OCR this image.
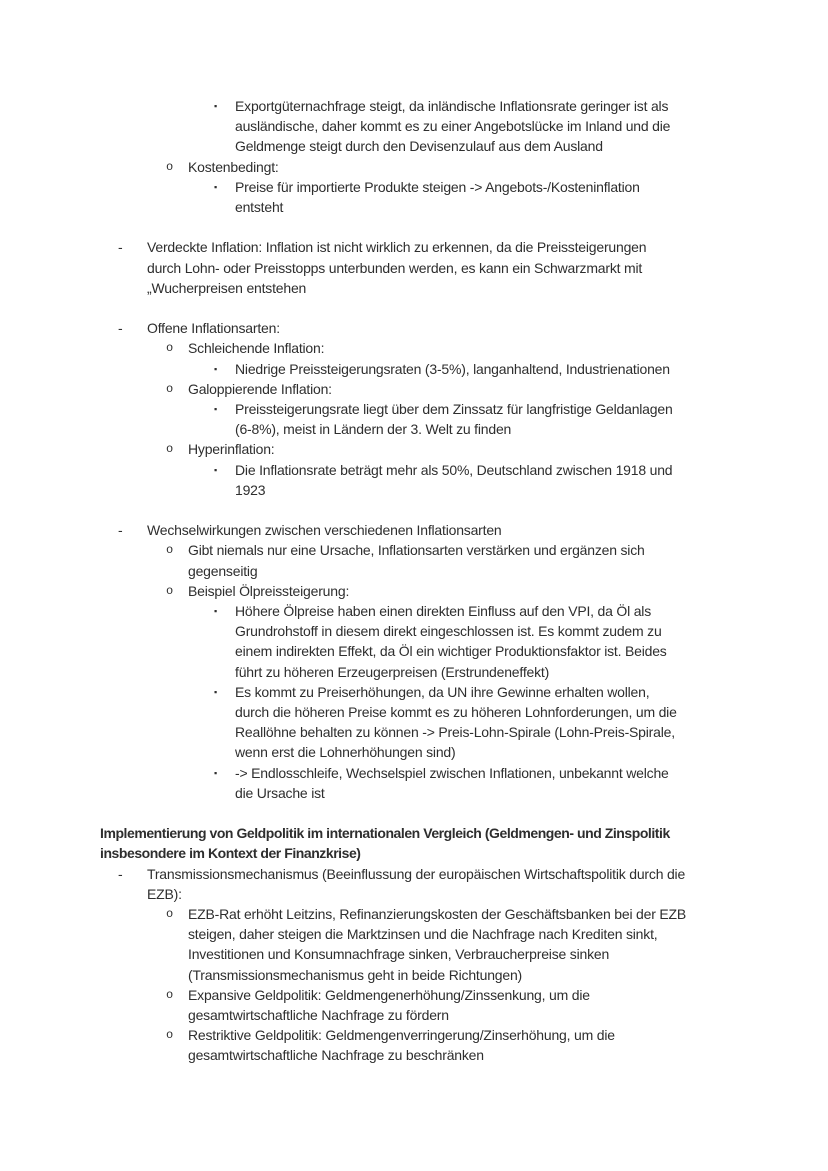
▪	Exportgüternachfrage steigt, da inländische Inflationsrate geringer ist als
ausländische, daher kommt es zu einer Angebotslücke im Inland und die
Geldmenge steigt durch den Devisenzulauf aus dem Ausland
o	Kostenbedingt:
▪	Preise für importierte Produkte steigen -> Angebots-/Kosteninflation
entsteht
-	Verdeckte Inflation: Inflation ist nicht wirklich zu erkennen, da die Preissteigerungen
durch Lohn- oder Preisstopps unterbunden werden, es kann ein Schwarzmarkt mit
„Wucherpreisen entstehen
-	Offene Inflationsarten:
o	Schleichende Inflation:
▪	Niedrige Preissteigerungsraten (3-5%), langanhaltend, Industrienationen
o	Galoppierende Inflation:
▪	Preissteigerungsrate liegt über dem Zinssatz für langfristige Geldanlagen
(6-8%), meist in Ländern der 3. Welt zu finden
o	Hyperinflation:
▪	Die Inflationsrate beträgt mehr als 50%, Deutschland zwischen 1918 und
1923
-	Wechselwirkungen zwischen verschiedenen Inflationsarten
o	Gibt niemals nur eine Ursache, Inflationsarten verstärken und ergänzen sich
gegenseitig
o	Beispiel Ölpreissteigerung:
▪	Höhere Ölpreise haben einen direkten Einfluss auf den VPI, da Öl als
Grundrohstoff in diesem direkt eingeschlossen ist. Es kommt zudem zu
einem indirekten Effekt, da Öl ein wichtiger Produktionsfaktor ist. Beides
führt zu höheren Erzeugerpreisen (Erstrundeneffekt)
▪	Es kommt zu Preiserhöhungen, da UN ihre Gewinne erhalten wollen,
durch die höheren Preise kommt es zu höheren Lohnforderungen, um die
Reallöhne behalten zu können -> Preis-Lohn-Spirale (Lohn-Preis-Spirale,
wenn erst die Lohnerhöhungen sind)
▪	-> Endlosschleife, Wechselspiel zwischen Inflationen, unbekannt welche
die Ursache ist
Implementierung von Geldpolitik im internationalen Vergleich (Geldmengen- und Zinspolitik
insbesondere im Kontext der Finanzkrise)
-	Transmissionsmechanismus (Beeinflussung der europäischen Wirtschaftspolitik durch die
EZB):
o	EZB-Rat erhöht Leitzins, Refinanzierungskosten der Geschäftsbanken bei der EZB
steigen, daher steigen die Marktzinsen und die Nachfrage nach Krediten sinkt,
Investitionen und Konsumnachfrage sinken, Verbraucherpreise sinken
(Transmissionsmechanismus geht in beide Richtungen)
o	Expansive Geldpolitik: Geldmengenerhöhung/Zinssenkung, um die
gesamtwirtschaftliche Nachfrage zu fördern
o	Restriktive Geldpolitik: Geldmengenverringerung/Zinserhöhung, um die
gesamtwirtschaftliche Nachfrage zu beschränken
